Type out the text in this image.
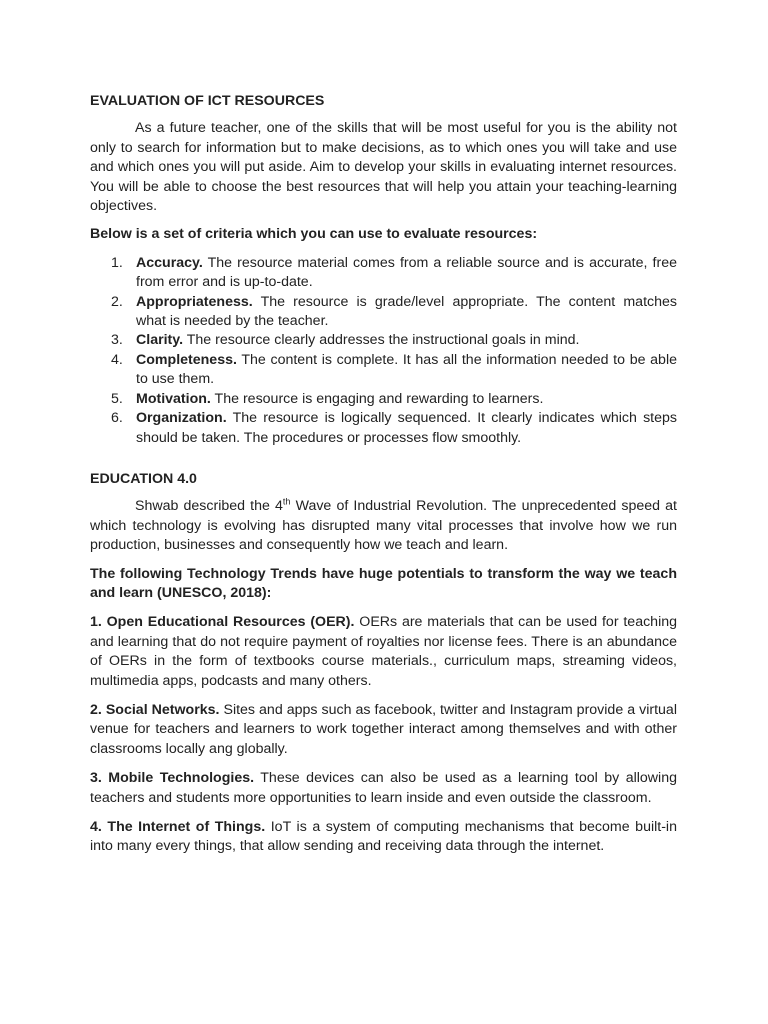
EVALUATION OF ICT RESOURCES

As a future teacher, one of the skills that will be most useful for you is the ability not only to search for information but to make decisions, as to which ones you will take and use and which ones you will put aside. Aim to develop your skills in evaluating internet resources. You will be able to choose the best resources that will help you attain your teaching-learning objectives.

Below is a set of criteria which you can use to evaluate resources:

1. Accuracy. The resource material comes from a reliable source and is accurate, free from error and is up-to-date.
2. Appropriateness. The resource is grade/level appropriate. The content matches what is needed by the teacher.
3. Clarity. The resource clearly addresses the instructional goals in mind.
4. Completeness. The content is complete. It has all the information needed to be able to use them.
5. Motivation. The resource is engaging and rewarding to learners.
6. Organization. The resource is logically sequenced. It clearly indicates which steps should be taken. The procedures or processes flow smoothly.
EDUCATION 4.0

Shwab described the 4th Wave of Industrial Revolution. The unprecedented speed at which technology is evolving has disrupted many vital processes that involve how we run production, businesses and consequently how we teach and learn.

The following Technology Trends have huge potentials to transform the way we teach and learn (UNESCO, 2018):

1. Open Educational Resources (OER). OERs are materials that can be used for teaching and learning that do not require payment of royalties nor license fees. There is an abundance of OERs in the form of textbooks course materials., curriculum maps, streaming videos, multimedia apps, podcasts and many others.

2. Social Networks. Sites and apps such as facebook, twitter and Instagram provide a virtual venue for teachers and learners to work together interact among themselves and with other classrooms locally ang globally.

3. Mobile Technologies. These devices can also be used as a learning tool by allowing teachers and students more opportunities to learn inside and even outside the classroom.

4. The Internet of Things. IoT is a system of computing mechanisms that become built-in into many every things, that allow sending and receiving data through the internet.
